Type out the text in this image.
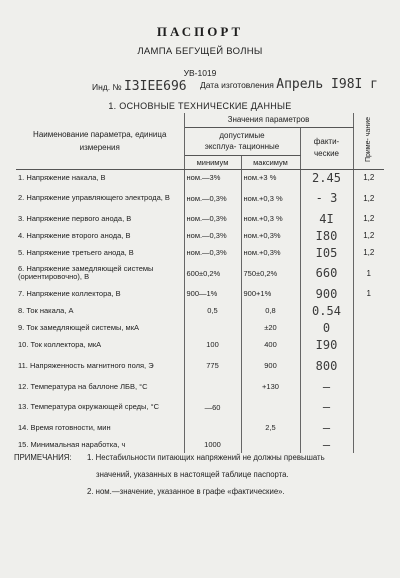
ПАСПОРТ
ЛАМПА БЕГУЩЕЙ ВОЛНЫ
УВ-1019
Инд. № I3IEE696 Дата изготовления Апрель I98I г
1. ОСНОВНЫЕ ТЕХНИЧЕСКИЕ ДАННЫЕ
Наименование параметра, единица измерения	Значения параметров			Приме- чание
	допустимые эксплуа- тационные		факти- ческие	
	минимум	максимум		
1. Напряжение накала, В	ном.—3%	ном.+3 %	2.45	1,2
2. Напряжение управляющего электрода, В	ном.—0,3%	ном.+0,3 %	- 3	1,2
3. Напряжение первого анода, В	ном.—0,3%	ном.+0,3 %	4I	1,2
4. Напряжение второго анода, В	ном.—0,3%	ном.+0,3%	I80	1,2
5. Напряжение третьего анода, В	ном.—0,3%	ном.+0,3%	I05	1,2
6. Напряжение замедляющей системы (ориентировочно), В	600±0,2%	750±0,2%	660	1
7. Напряжение коллектора, В	900—1%	900+1%	900	1
8. Ток накала, А	0,5	0,8	0.54	
9. Ток замедляющей системы, мкА		±20	0	
10. Ток коллектора, мкА	100	400	I90	
11. Напряженность магнитного поля, Э	775	900	800	
12. Температура на баллоне ЛБВ, °С		+130	—	
13. Температура окружающей среды, °С	—60		—	
14. Время готовности, мин		2,5	—	
15. Минимальная наработка, ч	1000		—	
ПРИМЕЧАНИЯ: 1. Нестабильности питающих напряжений не должны превышать
значений, указанных в настоящей таблице паспорта.
2. ном.—значение, указанное в графе «фактические».
